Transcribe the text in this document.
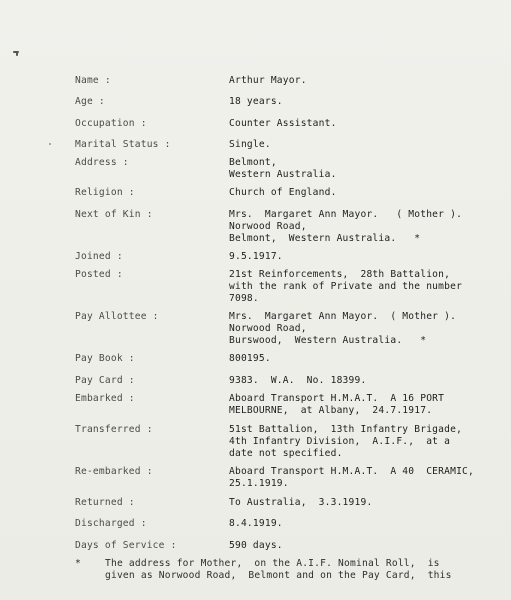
Name :	Arthur Mayor.
Age :	18 years.
Occupation :	Counter Assistant.
Marital Status :	Single.
Address :	Belmont,
Western Australia.
Religion :	Church of England.
Next of Kin :	Mrs.  Margaret Ann Mayor.   ( Mother ).
Norwood Road,
Belmont,  Western Australia.   *
Joined :	9.5.1917.
Posted :	21st Reinforcements,  28th Battalion,
with the rank of Private and the number
7098.
Pay Allottee :	Mrs.  Margaret Ann Mayor.  ( Mother ).
Norwood Road,
Burswood,  Western Australia.   *
Pay Book :	800195.
Pay Card :	9383.  W.A.  No. 18399.
Embarked :	Aboard Transport H.M.A.T.  A 16 PORT
MELBOURNE,  at Albany,  24.7.1917.
Transferred :	51st Battalion,  13th Infantry Brigade,
4th Infantry Division,  A.I.F.,  at a
date not specified.
Re-embarked :	Aboard Transport H.M.A.T.  A 40  CERAMIC,
25.1.1919.
Returned :	To Australia,  3.3.1919.
Discharged :	8.4.1919.
Days of Service :	590 days.
*	The address for Mother,  on the A.I.F. Nominal Roll,  is
given as Norwood Road,  Belmont and on the Pay Card,  this
